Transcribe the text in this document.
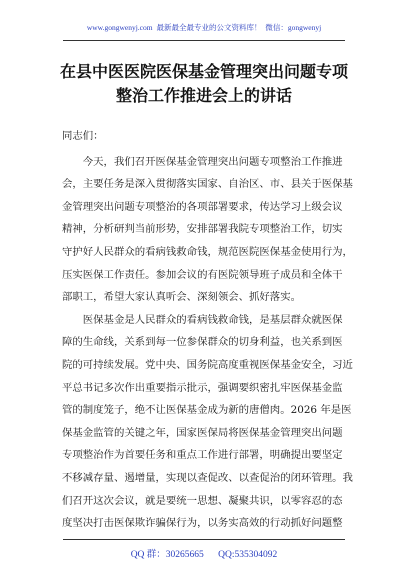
www.gongwenyj.com 最新最全最专业的公文资料库！ 微信：gongwenyj
在县中医医院医保基金管理突出问题专项
整治工作推进会上的讲话
同志们：
　　今天，我们召开医保基金管理突出问题专项整治工作推进
会，主要任务是深入贯彻落实国家、自治区、市、县关于医保基
金管理突出问题专项整治的各项部署要求，传达学习上级会议
精神，分析研判当前形势，安排部署我院专项整治工作，切实
守护好人民群众的看病钱救命钱，规范医院医保基金使用行为，
压实医保工作责任。参加会议的有医院领导班子成员和全体干
部职工，希望大家认真听会、深刻领会、抓好落实。
　　医保基金是人民群众的看病钱救命钱，是基层群众就医保
障的生命线，关系到每一位参保群众的切身利益，也关系到医
院的可持续发展。党中央、国务院高度重视医保基金安全，习近
平总书记多次作出重要指示批示，强调要织密扎牢医保基金监
管的制度笼子，绝不让医保基金成为新的唐僧肉。2026 年是医
保基金监管的关键之年，国家医保局将医保基金管理突出问题
专项整治作为首要任务和重点工作进行部署，明确提出要坚定
不移减存量、遏增量，实现以查促改、以查促治的闭环管理。我
们召开这次会议，就是要统一思想、凝聚共识，以零容忍的态
度坚决打击医保欺诈骗保行为，以务实高效的行动抓好问题整
QQ 群：30265665 QQ:535304092
